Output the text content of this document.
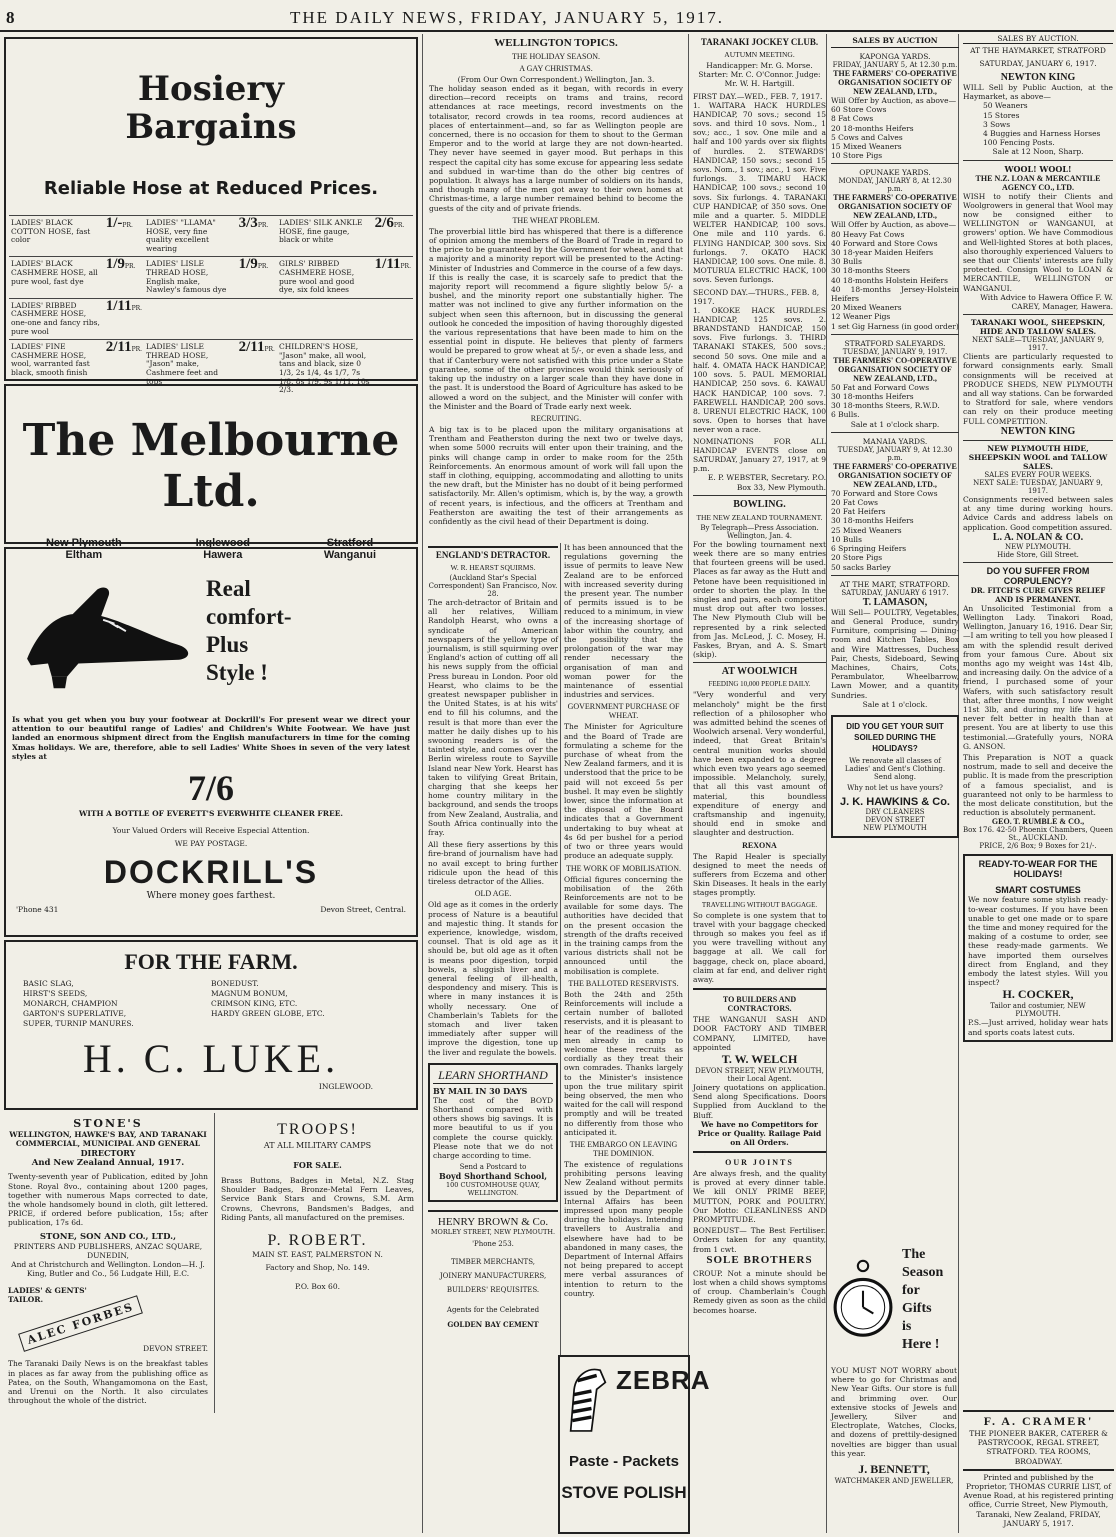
8	THE DAILY NEWS, FRIDAY, JANUARY 5, 1917.
Hosiery
Bargains
Reliable Hose at Reduced Prices.
LADIES' BLACK COTTON HOSE, fast color	1/-PR.	LADIES' "LLAMA" HOSE, very fine quality excellent wearing	3/3PR.	LADIES' SILK ANKLE HOSE, fine gauge, black or white	2/6PR.
LADIES' BLACK CASHMERE HOSE, all pure wool, fast dye	1/9PR.	LADIES' LISLE THREAD HOSE, English make, Nawley's famous dye	1/9PR.	GIRLS' RIBBED CASHMERE HOSE, pure wool and good dye, six fold knees	1/11PR.
LADIES' RIBBED CASHMERE HOSE, one-one and fancy ribs, pure wool	1/11PR.				
LADIES' FINE CASHMERE HOSE, wool, warranted fast black, smooth finish	2/11PR.	LADIES' LISLE THREAD HOSE, "Jason" make, Cashmere feet and tops	2/11PR.	CHILDREN'S HOSE, "Jason" make, all wool, tans and black, size 0 1/3, 2s 1/4, 4s 1/7, 7s 1/8, 8s 1/9, 9s 1/11, 10s 2/3.	
The Melbourne Ltd.
New Plymouth
Eltham
Inglewood
Hawera
Stratford
Wanganui
Real
comfort-
Plus
Style !

Is what you get when you buy your footwear at Dockrill's For present wear we direct your attention to our beautiful range of Ladies' and Children's White Footwear. We have just landed an enormous shipment direct from the English manufacturers in time for the coming Xmas holidays. We are, therefore, able to sell Ladies' White Shoes in seven of the very latest styles at

7/6
WITH A BOTTLE OF EVERETT'S EVERWHITE CLEANER FREE.
Your Valued Orders will Receive Especial Attention.
WE PAY POSTAGE.
DOCKRILL'S
Where money goes farthest.
'Phone 431	Devon Street, Central.
FOR THE FARM.
BASIC SLAG,	BONEDUST.
HIRST'S SEEDS,	MAGNUM BONUM,
MONARCH, CHAMPION	CRIMSON KING, ETC.
GARTON'S SUPERLATIVE,	HARDY GREEN GLOBE, ETC.
SUPER, TURNIP MANURES.
H. C. LUKE.
INGLEWOOD.
STONE'S
WELLINGTON, HAWKE'S BAY, AND TARANAKI COMMERCIAL, MUNICIPAL AND GENERAL
DIRECTORY
And New Zealand Annual, 1917.

Twenty-seventh year of Publication, edited by John Stone. Royal 8vo., containing about 1200 pages, together with numerous Maps corrected to date, the whole handsomely bound in cloth, gilt lettered. PRICE, if ordered before publication, 15s; after publication, 17s 6d.

STONE, SON AND CO., LTD.,
PRINTERS AND PUBLISHERS, ANZAC SQUARE, DUNEDIN,
And at Christchurch and Wellington. London—H. J. King, Butler and Co., 56 Ludgate Hill, E.C.
LADIES' & GENTS'
TAILOR.
ALEC FORBES
DEVON STREET.

The Taranaki Daily News is on the breakfast tables in places as far away from the publishing office as Patea, on the South, Whangamomona on the East, and Urenui on the North. It also circulates throughout the whole of the district.

TROOPS!
AT ALL MILITARY CAMPS
FOR SALE.

Brass Buttons, Badges in Metal, N.Z. Stag Shoulder Badges, Bronze-Metal Fern Leaves, Service Bank Stars and Crowns, S.M. Arm Crowns, Chevrons, Bandsmen's Badges, and Riding Pants, all manufactured on the premises.

P. ROBERT.
MAIN ST. EAST, PALMERSTON N.
Factory and Shop, No. 149.
P.O. Box 60.
WELLINGTON TOPICS.
THE HOLIDAY SEASON.
A GAY CHRISTMAS.
(From Our Own Correspondent.) Wellington, Jan. 3.

The holiday season ended as it began, with records in every direction—record receipts on trams and trains, record attendances at race meetings, record investments on the totalisator, record crowds in tea rooms, record audiences at places of entertainment—and, so far as Wellington people are concerned, there is no occasion for them to shout to the German Emperor and to the world at large they are not down-hearted. They never have seemed in gayer mood. But perhaps in this respect the capital city has some excuse for appearing less sedate and subdued in war-time than do the other big centres of population. It always has a large number of soldiers on its hands, and though many of the men got away to their own homes at Christmas-time, a large number remained behind to become the guests of the city and of private friends.

THE WHEAT PROBLEM.

The proverbial little bird has whispered that there is a difference of opinion among the members of the Board of Trade in regard to the price to be guaranteed by the Government for wheat, and that a majority and a minority report will be presented to the Acting-Minister of Industries and Commerce in the course of a few days. If this is really the case, it is scarcely safe to predict that the majority report will recommend a figure slightly below 5/- a bushel, and the minority report one substantially higher. The matter was not inclined to give any further information on the subject when seen this afternoon, but in discussing the general outlook he conceded the imposition of having thoroughly digested the various representations that have been made to him on the essential point in dispute. He believes that plenty of farmers would be prepared to grow wheat at 5/-, or even a shade less, and that if Canterbury were not satisfied with this price under a State guarantee, some of the other provinces would think seriously of taking up the industry on a larger scale than they have done in the past. It is understood the Board of Agriculture has asked to be allowed a word on the subject, and the Minister will confer with the Minister and the Board of Trade early next week.

RECRUITING.

A big tax is to be placed upon the military organisations at Trentham and Featherston during the next two or twelve days, when some 5000 recruits will enter upon their training, and the pinks will change camp in order to make room for the 25th Reinforcements. An enormous amount of work will fall upon the staff in clothing, equipping, accommodating and allotting to units the new draft, but the Minister has no doubt of it being performed satisfactorily. Mr. Allen's optimism, which is, by the way, a growth of recent years, is infectious, and the officers at Trentham and Featherston are awaiting the test of their arrangements as confidently as the civil head of their Department is doing.

ENGLAND'S DETRACTOR.
W. R. HEARST SQUIRMS.
(Auckland Star's Special Correspondent) San Francisco, Nov. 28.

The arch-detractor of Britain and all her relatives, William Randolph Hearst, who owns a syndicate of American newspapers of the yellow type of journalism, is still squirming over England's action of cutting off all his news supply from the official Press bureau in London. Poor old Hearst, who claims to be the greatest newspaper publisher in the United States, is at his wits' end to fill his columns, and the result is that more than ever the matter he daily dishes up to his swooning readers is of the tainted style, and comes over the Berlin wireless route to Sayville Island near New York. Hearst has taken to vilifying Great Britain, charging that she keeps her home country military in the background, and sends the troops from New Zealand, Australia, and South Africa continually into the fray.

All these fiery assertions by this fire-brand of journalism have had no avail except to bring further ridicule upon the head of this tireless detractor of the Allies.

OLD AGE.

Old age as it comes in the orderly process of Nature is a beautiful and majestic thing. It stands for experience, knowledge, wisdom, counsel. That is old age as it should be, but old age as it often is means poor digestion, torpid bowels, a sluggish liver and a general feeling of ill-health, despondency and misery. This is where in many instances it is wholly necessary. One of Chamberlain's Tablets for the stomach and liver taken immediately after supper will improve the digestion, tone up the liver and regulate the bowels.

LEARN SHORTHAND
BY MAIL IN 30 DAYS

The cost of the BOYD Shorthand compared with others shows big savings. It is more beautiful to us if you complete the course quickly. Please note that we do not charge according to time.

Send a Postcard to
Boyd Shorthand School,
100 CUSTOMHOUSE QUAY, WELLINGTON.
HENRY BROWN & Co.
MORLEY STREET, NEW PLYMOUTH.
'Phone 253.
TIMBER MERCHANTS,
JOINERY MANUFACTURERS,
BUILDERS' REQUISITES.
Agents for the Celebrated
GOLDEN BAY CEMENT

It has been announced that the regulations governing the issue of permits to leave New Zealand are to be enforced with increased severity during the present year. The number of permits issued is to be reduced to a minimum, in view of the increasing shortage of labor within the country, and the possibility that the prolongation of the war may render necessary the organisation of man and woman power for the maintenance of essential industries and services.

GOVERNMENT PURCHASE OF WHEAT.

The Minister for Agriculture and the Board of Trade are formulating a scheme for the purchase of wheat from the New Zealand farmers, and it is understood that the price to be paid will not exceed 5s per bushel. It may even be slightly lower, since the information at the disposal of the Board indicates that a Government undertaking to buy wheat at 4s 6d per bushel for a period of two or three years would produce an adequate supply.

THE WORK OF MOBILISATION.

Official figures concerning the mobilisation of the 26th Reinforcements are not to be available for some days. The authorities have decided that on the present occasion the strength of the drafts received in the training camps from the various districts shall not be announced until the mobilisation is complete.

THE BALLOTED RESERVISTS.

Both the 24th and 25th Reinforcements will include a certain number of balloted reservists, and it is pleasant to hear of the readiness of the men already in camp to welcome these recruits as cordially as they treat their own comrades. Thanks largely to the Minister's insistence upon the true military spirit being observed, the men who waited for the call will respond promptly and will be treated no differently from those who anticipated it.

THE EMBARGO ON LEAVING THE DOMINION.

The existence of regulations prohibiting persons leaving New Zealand without permits issued by the Department of Internal Affairs has been impressed upon many people during the holidays. Intending travellers to Australia and elsewhere have had to be abandoned in many cases, the Department of Internal Affairs not being prepared to accept mere verbal assurances of intention to return to the country.

ZEBRA
Paste - Packets
STOVE POLISH
TARANAKI JOCKEY CLUB.
AUTUMN MEETING.

Handicapper: Mr. G. Morse. Starter: Mr. C. O'Connor. Judge: Mr. W. H. Hartgill.

FIRST DAY.—WED., FEB. 7, 1917.

1. WAITARA HACK HURDLES HANDICAP, 70 sovs.; second 15 sovs. and third 10 sovs. Nom., 1 sov.; acc., 1 sov. One mile and a half and 100 yards over six flights of hurdles. 2. STEWARDS' HANDICAP, 150 sovs.; second 15 sovs. Nom., 1 sov.; acc., 1 sov. Five furlongs. 3. TIMARU HACK HANDICAP, 100 sovs.; second 10 sovs. Six furlongs. 4. TARANAKI CUP HANDICAP, of 350 sovs. One mile and a quarter. 5. MIDDLE WELTER HANDICAP, 100 sovs. One mile and 110 yards. 6. FLYING HANDICAP, 300 sovs. Six furlongs. 7. OKATO HACK HANDICAP, 100 sovs. One mile. 8. MOTURUA ELECTRIC HACK, 100 sovs. Seven furlongs.

SECOND DAY.—THURS., FEB. 8, 1917.

1. OKOKE HACK HURDLES HANDICAP, 125 sovs. 2. BRANDSTAND HANDICAP, 150 sovs. Five furlongs. 3. THIRD TARANAKI STAKES, 500 sovs.; second 50 sovs. One mile and a half. 4. OMATA HACK HANDICAP, 100 sovs. 5. PAUL MEMORIAL HANDICAP, 250 sovs. 6. KAWAU HACK HANDICAP, 100 sovs. 7. FAREWELL HANDICAP, 200 sovs. 8. URENUI ELECTRIC HACK, 100 sovs. Open to horses that have never won a race.

NOMINATIONS FOR ALL HANDICAP EVENTS close on SATURDAY, January 27, 1917, at 9 p.m.

E. P. WEBSTER, Secretary. P.O. Box 33, New Plymouth.

BOWLING.
THE NEW ZEALAND TOURNAMENT.
By Telegraph—Press Association. Wellington, Jan. 4.

For the bowling tournament next week there are so many entries that fourteen greens will be used. Places as far away as the Hutt and Petone have been requisitioned in order to shorten the play. In the singles and pairs, each competitor must drop out after two losses. The New Plymouth Club will be represented by a rink selected from Jas. McLeod, J. C. Mosey, H. Faskes, Bryan, and A. S. Smart (skip).

AT WOOLWICH
FEEDING 10,000 PEOPLE DAILY.

"Very wonderful and very melancholy" might be the first reflection of a philosopher who was admitted behind the scenes of Woolwich arsenal. Very wonderful, indeed, that Great Britain's central munition works should have been expanded to a degree which even two years ago seemed impossible. Melancholy, surely, that all this vast amount of material, this boundless expenditure of energy and craftsmanship and ingenuity, should end in smoke and slaughter and destruction.

REXONA

The Rapid Healer is specially designed to meet the needs of sufferers from Eczema and other Skin Diseases. It heals in the early stages promptly.

TRAVELLING WITHOUT BAGGAGE.

So complete is one system that to travel with your baggage checked through so makes you feel as if you were travelling without any baggage at all. We call for baggage, check on, place aboard, claim at far end, and deliver right away.

TO BUILDERS AND CONTRACTORS.

THE WANGANUI SASH AND DOOR FACTORY AND TIMBER COMPANY, LIMITED, have appointed

T. W. WELCH
DEVON STREET, NEW PLYMOUTH, their Local Agent.

Joinery quotations on application. Send along Specifications. Doors Supplied from Auckland to the Bluff.

We have no Competitors for Price or Quality. Railage Paid on All Orders.
OUR JOINTS

Are always fresh, and the quality is proved at every dinner table. We kill ONLY PRIME BEEF, MUTTON, PORK and POULTRY. Our Motto: CLEANLINESS AND PROMPTITUDE.

BONEDUST— The Best Fertiliser. Orders taken for any quantity, from 1 cwt.

SOLE BROTHERS

CROUP. Not a minute should be lost when a child shows symptoms of croup. Chamberlain's Cough Remedy given as soon as the child becomes hoarse.

SALES BY AUCTION
KAPONGA YARDS.
FRIDAY, JANUARY 5, At 12.30 p.m.
THE FARMERS' CO-OPERATIVE ORGANISATION SOCIETY OF NEW ZEALAND, LTD.,
Will Offer by Auction, as above—
60 Store Cows
8 Fat Cows
20 18-months Heifers
5 Cows and Calves
15 Mixed Weaners
10 Store Pigs
OPUNAKE YARDS.
MONDAY, JANUARY 8, At 12.30 p.m.
THE FARMERS' CO-OPERATIVE ORGANISATION SOCIETY OF NEW ZEALAND, LTD.,
Will Offer by Auction, as above—
80 Heavy Fat Cows
40 Forward and Store Cows
30 18-year Maiden Heifers
30 Bulls
30 18-months Steers
40 18-months Holstein Heifers
40 18-months Jersey-Holstein Heifers
20 Mixed Weaners
12 Weaner Pigs
1 set Gig Harness (in good order)
STRATFORD SALEYARDS.
TUESDAY, JANUARY 9, 1917.
THE FARMERS' CO-OPERATIVE ORGANISATION SOCIETY OF NEW ZEALAND, LTD.,
50 Fat and Forward Cows
30 18-months Heifers
30 18-months Steers, R.W.D.
6 Bulls.
Sale at 1 o'clock sharp.
MANAIA YARDS.
TUESDAY, JANUARY 9, At 12.30 p.m.
THE FARMERS' CO-OPERATIVE ORGANISATION SOCIETY OF NEW ZEALAND, LTD.,
70 Forward and Store Cows
20 Fat Cows
20 Fat Heifers
30 18-months Heifers
25 Mixed Weaners
10 Bulls
6 Springing Heifers
20 Store Pigs
50 sacks Barley
AT THE MART, STRATFORD.
SATURDAY, JANUARY 6 1917.
T. LAMASON,

Will Sell— POULTRY, Vegetables, and General Produce, sundry Furniture, comprising — Dining-room and Kitchen Tables, Box and Wire Mattresses, Duchess Pair, Chests, Sideboard, Sewing Machines, Chairs, Cots, Perambulator, Wheelbarrow, Lawn Mower, and a quantity Sundries.

Sale at 1 o'clock.
DID YOU GET YOUR SUIT SOILED DURING THE HOLIDAYS?
We renovate all classes of Ladies' and Gent's Clothing. Send along.
Why not let us have yours?
J. K. HAWKINS & Co.
DRY CLEANERS
DEVON STREET
NEW PLYMOUTH
The
Season
for
Gifts
is
Here !

YOU MUST NOT WORRY about where to go for Christmas and New Year Gifts. Our store is full and brimming over. Our extensive stocks of Jewels and Jewellery, Silver and Electroplate, Watches, Clocks, and dozens of prettily-designed novelties are bigger than usual this year.

J. BENNETT,
WATCHMAKER AND JEWELLER,
SALES BY AUCTION.
AT THE HAYMARKET, STRATFORD
SATURDAY, JANUARY 6, 1917.
NEWTON KING

WILL Sell by Public Auction, at the Haymarket, as above—

50 Weaners
15 Stores
3 Sows
4 Buggies and Harness Horses
100 Fencing Posts.
Sale at 12 Noon, Sharp.
WOOL! WOOL!
THE N.Z. LOAN & MERCANTILE AGENCY CO., LTD.

WISH to notify their Clients and Woolgrowers in general that Wool may now be consigned either to WELLINGTON or WANGANUI, at growers' option. We have Commodious and Well-lighted Stores at both places, also thoroughly experienced Valuers to see that our Clients' interests are fully protected. Consign Wool to LOAN & MERCANTILE, WELLINGTON or WANGANUI.

With Advice to Hawera Office F. W. CAREY, Manager, Hawera.

TARANAKI WOOL, SHEEPSKIN, HIDE AND TALLOW SALES.
NEXT SALE—TUESDAY, JANUARY 9, 1917.

Clients are particularly requested to forward consignments early. Small consignments will be received at PRODUCE SHEDS, NEW PLYMOUTH and all way stations. Can be forwarded to Stratford for sale, where vendors can rely on their produce meeting FULL COMPETITION.

NEWTON KING
NEW PLYMOUTH HIDE, SHEEPSKIN WOOL and TALLOW SALES.
SALES EVERY FOUR WEEKS.
NEXT SALE: TUESDAY, JANUARY 9, 1917.

Consignments received between sales at any time during working hours. Advice Cards and address labels on application. Good competition assured.

L. A. NOLAN & CO.
NEW PLYMOUTH.
Hide Store, Gill Street.
DO YOU SUFFER FROM CORPULENCY?
DR. FITCH'S CURE GIVES RELIEF AND IS PERMANENT.

An Unsolicited Testimonial from a Wellington Lady. Tinakori Road, Wellington, January 16, 1916. Dear Sir,—I am writing to tell you how pleased I am with the splendid result derived from your famous Cure. About six months ago my weight was 14st 4lb, and increasing daily. On the advice of a friend, I purchased some of your Wafers, with such satisfactory result that, after three months, I now weight 11st 3lb, and during my life I have never felt better in health than at present. You are at liberty to use this testimonial.—Gratefully yours, NORA G. ANSON.

This Preparation is NOT a quack nostrum, made to sell and deceive the public. It is made from the prescription of a famous specialist, and is guaranteed not only to be harmless to the most delicate constitution, but the reduction is absolutely permanent.

GEO. T. RUMBLE & CO.,
Box 176. 42-50 Phoenix Chambers, Queen St., AUCKLAND.
PRICE, 2/6 Box; 9 Boxes for 21/-.
READY-TO-WEAR FOR THE HOLIDAYS!
SMART COSTUMES

We now feature some stylish ready-to-wear costumes. If you have been unable to get one made or to spare the time and money required for the making of a costume to order, see these ready-made garments. We have imported them ourselves direct from England, and they embody the latest styles. Will you inspect?

H. COCKER,
Tailor and costumier, NEW PLYMOUTH.

P.S.—Just arrived, holiday wear hats and sports coats latest cuts.

F. A. CRAMER'

THE PIONEER BAKER, CATERER & PASTRYCOOK, REGAL STREET, STRATFORD. TEA ROOMS, BROADWAY.

Printed and published by the Proprietor, THOMAS CURRIE LIST, of Avenue Road, at his registered printing office, Currie Street, New Plymouth, Taranaki, New Zealand, FRIDAY, JANUARY 5, 1917.
